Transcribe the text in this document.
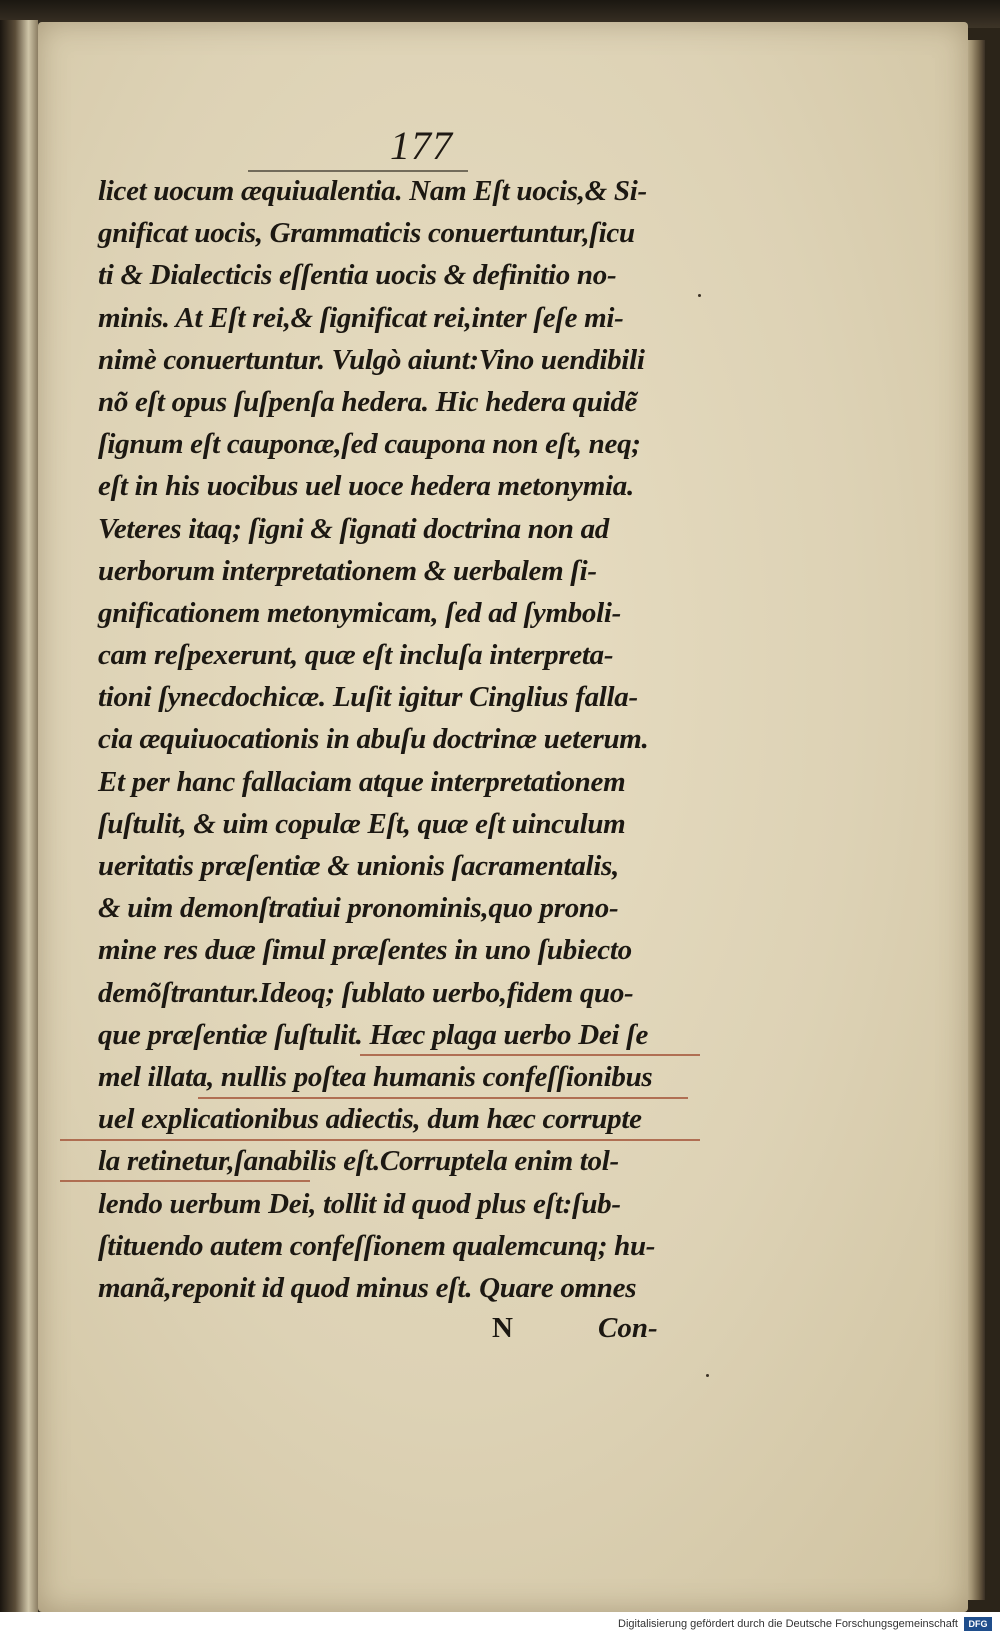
177
licet uocum æquiualentia. Nam Eſt uocis,& Si-
gnificat uocis, Grammaticis conuertuntur,ſicu
ti & Dialecticis eſſentia uocis & definitio no-
minis. At Eſt rei,& ſignificat rei,inter ſeſe mi-
nimè conuertuntur. Vulgò aiunt:Vino uendibili
nõ eſt opus ſuſpenſa hedera. Hic hedera quidẽ
ſignum eſt cauponæ,ſed caupona non eſt, neq;
eſt in his uocibus uel uoce hedera metonymia.
Veteres itaq; ſigni & ſignati doctrina non ad
uerborum interpretationem & uerbalem ſi-
gnificationem metonymicam, ſed ad ſymboli-
cam reſpexerunt, quæ eſt incluſa interpreta-
tioni ſynecdochicæ. Luſit igitur Cinglius falla-
cia æquiuocationis in abuſu doctrinæ ueterum.
Et per hanc fallaciam atque interpretationem
ſuſtulit, & uim copulæ Eſt, quæ eſt uinculum
ueritatis præſentiæ & unionis ſacramentalis,
& uim demonſtratiui pronominis,quo prono-
mine res duæ ſimul præſentes in uno ſubiecto
demõſtrantur.Ideoq; ſublato uerbo,fidem quo-
que præſentiæ ſuſtulit. Hæc plaga uerbo Dei ſe
mel illata, nullis poſtea humanis confeſſionibus
uel explicationibus adiectis, dum hæc corrupte
la retinetur,ſanabilis eſt.Corruptela enim tol-
lendo uerbum Dei, tollit id quod plus eſt:ſub-
ſtituendo autem confeſſionem qualemcunq; hu-
manã,reponit id quod minus eſt. Quare omnes
N	Con-
Digitalisierung gefördert durch die Deutsche Forschungsgemeinschaft	DFG
